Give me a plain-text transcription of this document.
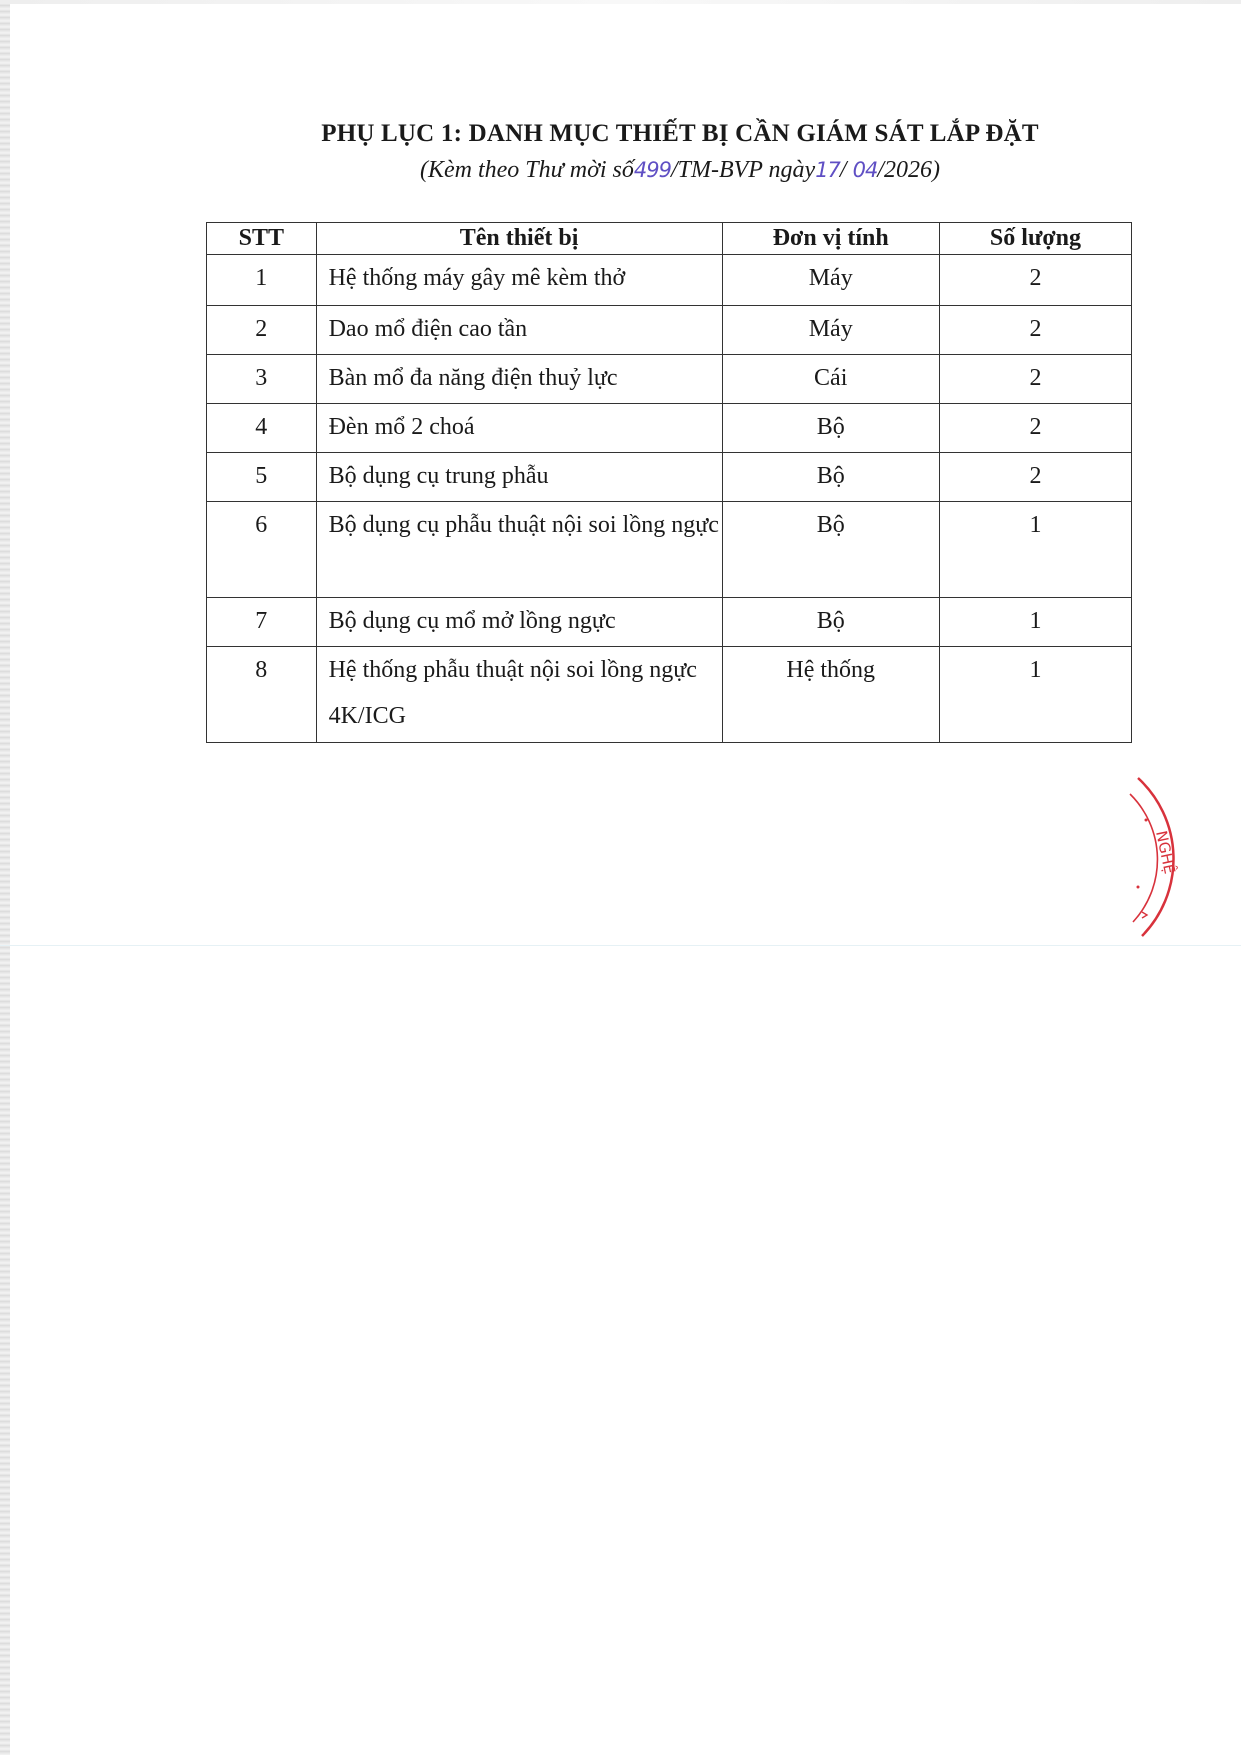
PHỤ LỤC 1: DANH MỤC THIẾT BỊ CẦN GIÁM SÁT LẮP ĐẶT
(Kèm theo Thư mời số499/TM-BVP ngày17/ 04/2026)
STT	Tên thiết bị	Đơn vị tính	Số lượng
1	Hệ thống máy gây mê kèm thở	Máy	2
2	Dao mổ điện cao tần	Máy	2
3	Bàn mổ đa năng điện thuỷ lực	Cái	2
4	Đèn mổ 2 choá	Bộ	2
5	Bộ dụng cụ trung phẫu	Bộ	2
6	Bộ dụng cụ phẫu thuật nội soi lồng ngực	Bộ	1
7	Bộ dụng cụ mổ mở lồng ngực	Bộ	1
8	Hệ thống phẫu thuật nội soi lồng ngực 4K/ICG	Hệ thống	1
NGHỆ
